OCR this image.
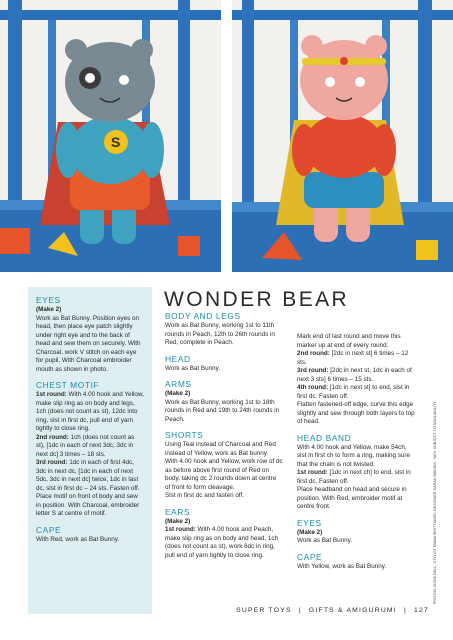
S
EYES
(Make 2)

Work as Bat Bunny. Position eyes on head, then place eye patch slightly under right eye and to the back of head and sew them on securely. With Charcoal, work V stitch on each eye for pupil. With Charcoal embroider mouth as shown in photo.

CHEST MOTIF

1st round: With 4.00 hook and Yellow, make slip ring as on body and legs, 1ch (does not count as st), 12dc into ring, slst in first dc, pull end of yarn tightly to close ring.

2nd round: 1ch (does not count as st), [1dc in each of next 3dc, 3dc in next dc] 3 times – 18 sts.

3rd round: 1dc in each of first 4dc, 3dc in next dc, [1dc in each of next 5dc, 3dc in next dc] twice, 1dc in last dc, slst in first dc – 24 sts. Fasten off. Place motif on front of body and sew in position. With Charcoal, embroider letter S at centre of motif.

CAPE

With Red, work as Bat Bunny.

WONDER BEAR
BODY AND LEGS

Work as Bat Bunny, working 1st to 11th rounds in Peach, 12th to 26th rounds in Red, complete in Peach.

HEAD

Work as Bat Bunny.

ARMS
(Make 2)

Work as Bat Bunny, working 1st to 18th rounds in Red and 19th to 24th rounds in Peach.

SHORTS

Using Teal instead of Charcoal and Red instead of Yellow, work as Bat bunny.

With 4.00 hook and Yellow, work row of dc as before above first round of Red on body, taking dc 2 rounds down at centre of front to form cleavage.

Slst in first dc and fasten off.

EARS
(Make 2)

1st round: With 4.00 hook and Peach, make slip ring as on body and head, 1ch (does not count as st), work 6dc in ring, pull end of yarn tightly to close ring.

Mark end of last round and move this marker up at end of every round.

2nd round: [2dc in next st] 6 times – 12 sts.

3rd round: [2dc in next st, 1dc in each of next 3 sts] 6 times – 15 sts.

4th round: [1dc in next st] to end, slst in first dc. Fasten off.

Flatten fastened-off edge, curve this edge slightly and sew through both layers to top of head.

HEAD BAND

With 4.00 hook and Yellow, make 54ch, slst in first ch to form a ring, making sure that the chain is not twisted.

1st round: [1dc in next ch] to end, slst in first dc. Fasten off.

Place headband on head and secure in position. With Red, embroider motif at centre front.

EYES
(Make 2)

Work as Bat Bunny.

CAPE

With Yellow, work as Bat Bunny.	PHOTOS SUSIE BELL; STYLIST EMMA WHITTAKER; DESIGNER SARAH MACKIN. *ANY SUBJECT TO AVAILABILITY
SUPER TOYS | GIFTS & AMIGURUMI | 127
